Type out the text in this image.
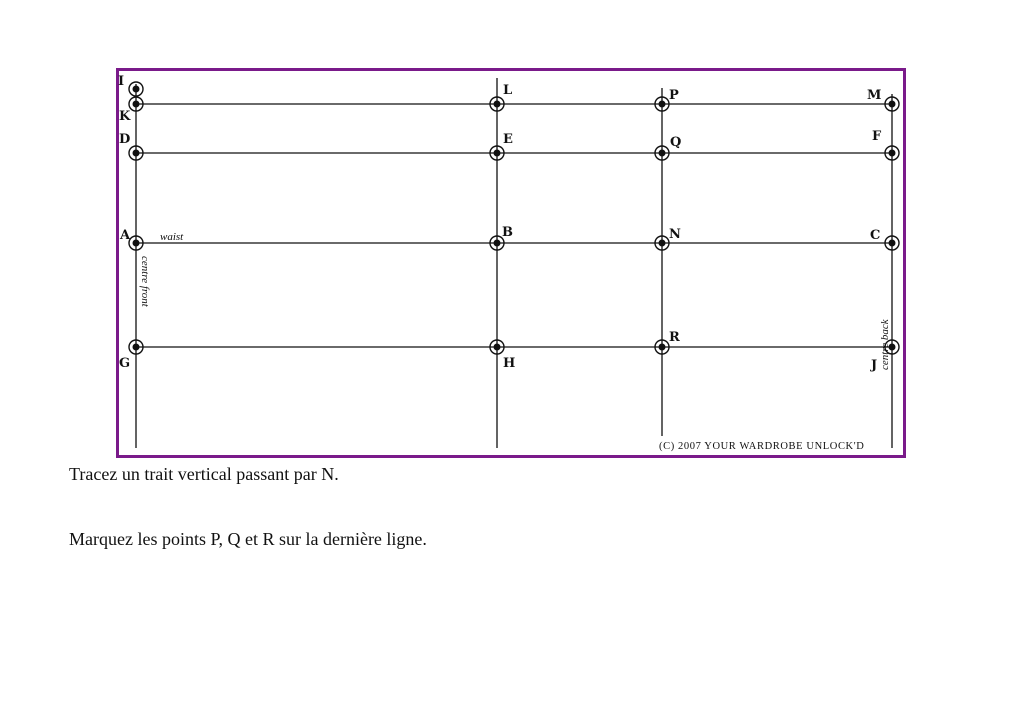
I
K
D
A
G
L
E
B
H
P
Q
N
R
M
F
C
J
waist
centre front
centre back
(C) 2007 YOUR WARDROBE UNLOCK'D

Tracez un trait vertical passant par N.

Marquez les points P, Q et R sur la dernière ligne.
